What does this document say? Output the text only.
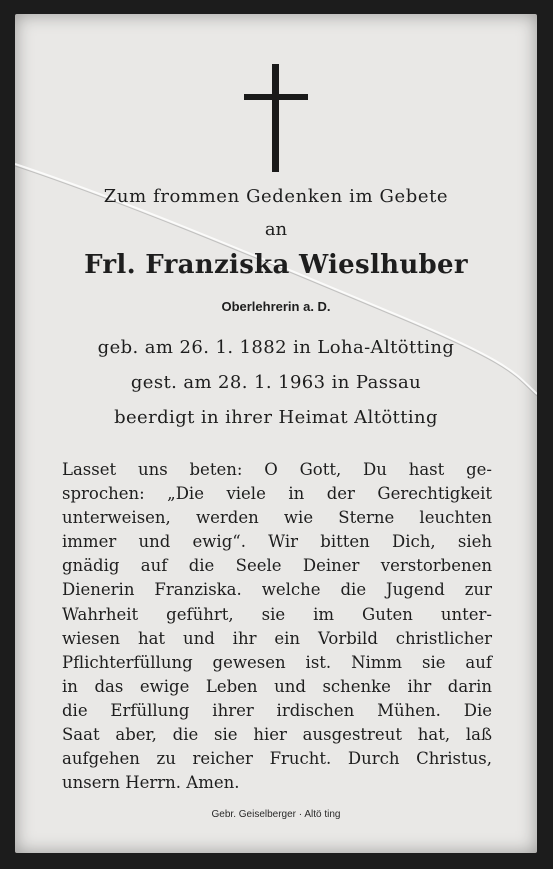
Zum frommen Gedenken im Gebete
an
Frl. Franziska Wieslhuber
Oberlehrerin a. D.
geb. am 26. 1. 1882 in Loha-Altötting
gest. am 28. 1. 1963 in Passau
beerdigt in ihrer Heimat Altötting
Lasset uns beten: O Gott, Du hast ge-
sprochen: „Die viele in der Gerechtigkeit
unterweisen, werden wie Sterne leuchten
immer und ewig“. Wir bitten Dich, sieh
gnädig auf die Seele Deiner verstorbenen
Dienerin Franziska. welche die Jugend zur
Wahrheit geführt, sie im Guten unter-
wiesen hat und ihr ein Vorbild christlicher
Pflichterfüllung gewesen ist. Nimm sie auf
in das ewige Leben und schenke ihr darin
die Erfüllung ihrer irdischen Mühen. Die
Saat aber, die sie hier ausgestreut hat, laß
aufgehen zu reicher Frucht. Durch Christus,
unsern Herrn. Amen.
Gebr. Geiselberger · Altö ting
